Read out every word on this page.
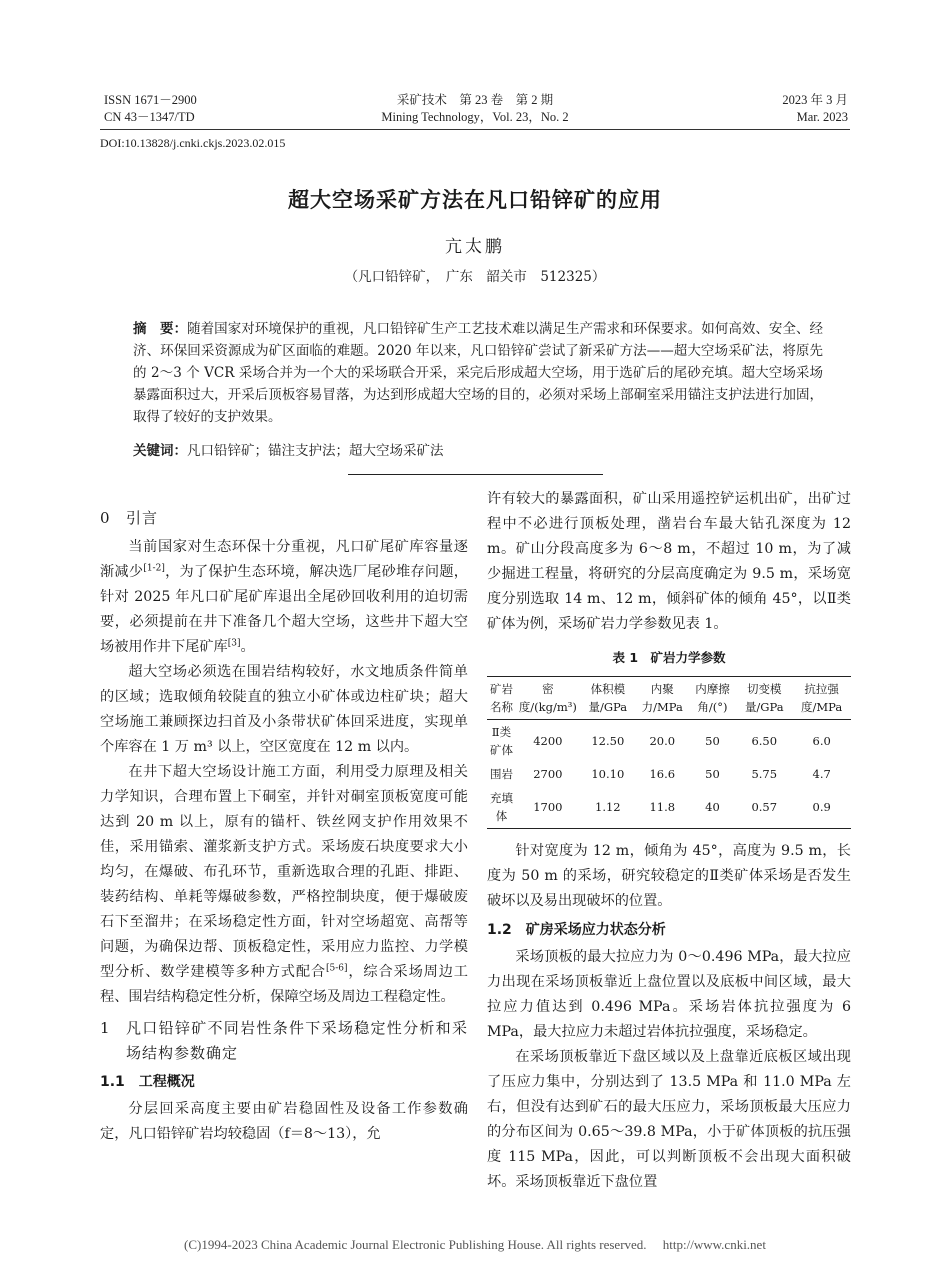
ISSN 1671－2900
CN 43－1347/TD
采矿技术　第 23 卷　第 2 期
Mining Technology，Vol. 23，No. 2
2023 年 3 月
Mar. 2023
DOI:10.13828/j.cnki.ckjs.2023.02.015
超大空场采矿方法在凡口铅锌矿的应用
亢太鹏
（凡口铅锌矿，　广东　韶关市　512325）
摘　要：随着国家对环境保护的重视，凡口铅锌矿生产工艺技术难以满足生产需求和环保要求。如何高效、安全、经济、环保回采资源成为矿区面临的难题。2020 年以来，凡口铅锌矿尝试了新采矿方法——超大空场采矿法，将原先的 2～3 个 VCR 采场合并为一个大的采场联合开采，采完后形成超大空场，用于选矿后的尾砂充填。超大空场采场暴露面积过大，开采后顶板容易冒落，为达到形成超大空场的目的，必须对采场上部硐室采用锚注支护法进行加固，取得了较好的支护效果。
关键词：凡口铅锌矿；锚注支护法；超大空场采矿法
0 引言

当前国家对生态环保十分重视，凡口矿尾矿库容量逐渐减少[1-2]，为了保护生态环境，解决选厂尾砂堆存问题，针对 2025 年凡口矿尾矿库退出全尾砂回收利用的迫切需要，必须提前在井下准备几个超大空场，这些井下超大空场被用作井下尾矿库[3]。

超大空场必须选在围岩结构较好，水文地质条件简单的区域；选取倾角较陡直的独立小矿体或边柱矿块；超大空场施工兼顾探边扫首及小条带状矿体回采进度，实现单个库容在 1 万 m³ 以上，空区宽度在 12 m 以内。

在井下超大空场设计施工方面，利用受力原理及相关力学知识，合理布置上下硐室，并针对硐室顶板宽度可能达到 20 m 以上，原有的锚杆、铁丝网支护作用效果不佳，采用锚索、灌浆新支护方式。采场废石块度要求大小均匀，在爆破、布孔环节，重新选取合理的孔距、排距、装药结构、单耗等爆破参数，严格控制块度，便于爆破废石下至溜井；在采场稳定性方面，针对空场超宽、高帮等问题，为确保边帮、顶板稳定性，采用应力监控、力学模型分析、数学建模等多种方式配合[5-6]，综合采场周边工程、围岩结构稳定性分析，保障空场及周边工程稳定性。

1	凡口铅锌矿不同岩性条件下采场稳定性分析和采场结构参数确定
1.1　工程概况

分层回采高度主要由矿岩稳固性及设备工作参数确定，凡口铅锌矿岩均较稳固（f＝8～13），允

许有较大的暴露面积，矿山采用遥控铲运机出矿，出矿过程中不必进行顶板处理，凿岩台车最大钻孔深度为 12 m。矿山分段高度多为 6～8 m，不超过 10 m，为了减少掘进工程量，将研究的分层高度确定为 9.5 m，采场宽度分别选取 14 m、12 m，倾斜矿体的倾角 45°，以Ⅱ类矿体为例，采场矿岩力学参数见表 1。

表 1　矿岩力学参数
矿岩名称	密度/(kg/m³)	体积模量/GPa	内聚力/MPa	内摩擦角/(°)	切变模量/GPa	抗拉强度/MPa
Ⅱ类矿体	4200	12.50	20.0	50	6.50	6.0
围岩	2700	10.10	16.6	50	5.75	4.7
充填体	1700	1.12	11.8	40	0.57	0.9

针对宽度为 12 m，倾角为 45°，高度为 9.5 m，长度为 50 m 的采场，研究较稳定的Ⅱ类矿体采场是否发生破坏以及易出现破坏的位置。

1.2　矿房采场应力状态分析

采场顶板的最大拉应力为 0～0.496 MPa，最大拉应力出现在采场顶板靠近上盘位置以及底板中间区域，最大拉应力值达到 0.496 MPa。采场岩体抗拉强度为 6 MPa，最大拉应力未超过岩体抗拉强度，采场稳定。

在采场顶板靠近下盘区域以及上盘靠近底板区域出现了压应力集中，分别达到了 13.5 MPa 和 11.0 MPa 左右，但没有达到矿石的最大压应力，采场顶板最大压应力的分布区间为 0.65～39.8 MPa，小于矿体顶板的抗压强度 115 MPa，因此，可以判断顶板不会出现大面积破坏。采场顶板靠近下盘位置

(C)1994-2023 China Academic Journal Electronic Publishing House. All rights reserved.　 http://www.cnki.net
